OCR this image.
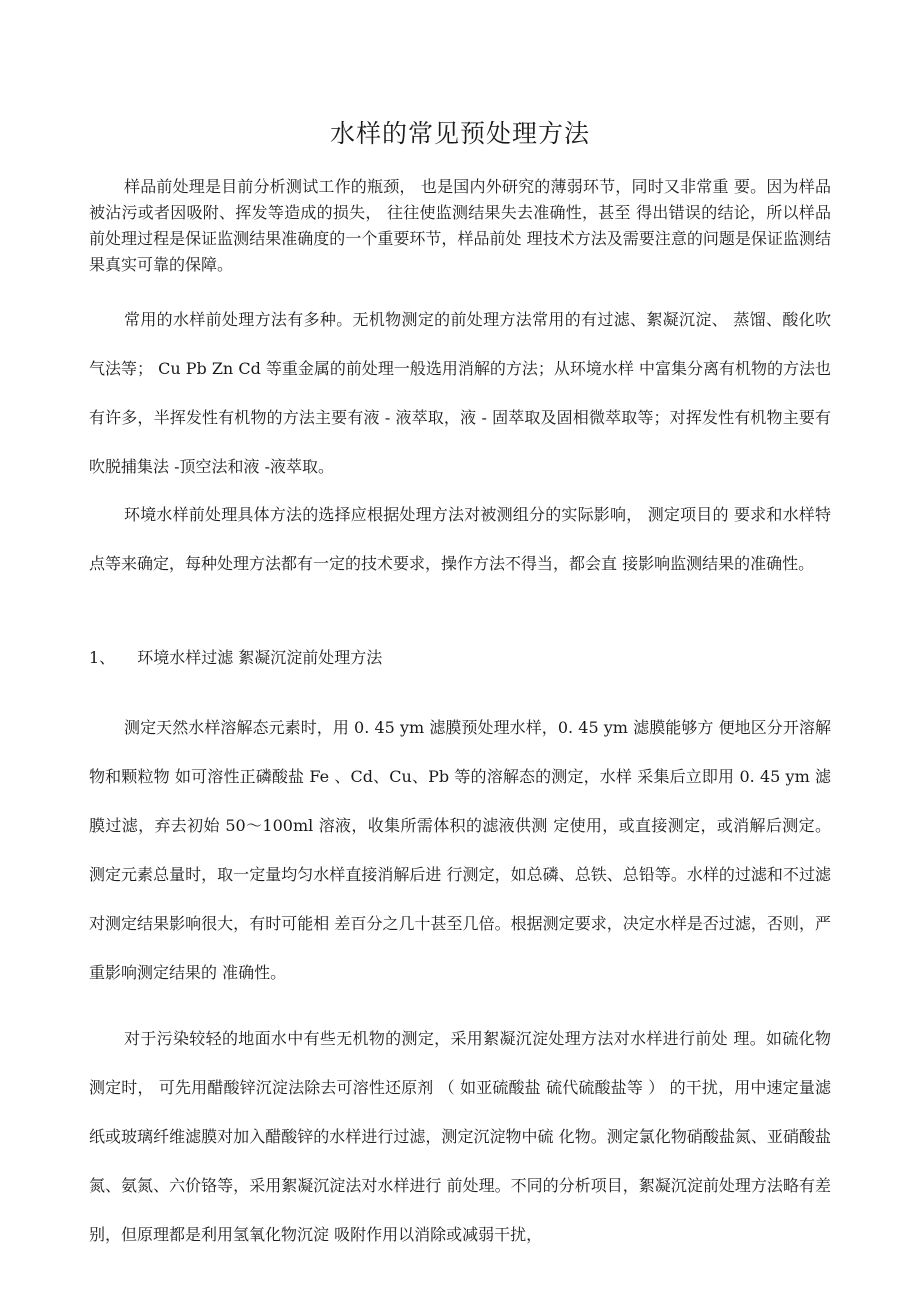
水样的常见预处理方法

样品前处理是目前分析测试工作的瓶颈， 也是国内外研究的薄弱环节，同时又非常重 要。因为样品被沾污或者因吸附、挥发等造成的损失， 往往使监测结果失去准确性，甚至 得出错误的结论，所以样品前处理过程是保证监测结果准确度的一个重要环节，样品前处 理技术方法及需要注意的问题是保证监测结果真实可靠的保障。

常用的水样前处理方法有多种。无机物测定的前处理方法常用的有过滤、絮凝沉淀、 蒸馏、酸化吹气法等； Cu Pb Zn Cd 等重金属的前处理一般选用消解的方法；从环境水样 中富集分离有机物的方法也有许多，半挥发性有机物的方法主要有液 - 液萃取，液 - 固萃取及固相微萃取等；对挥发性有机物主要有吹脱捕集法 -顶空法和液 -液萃取。

环境水样前处理具体方法的选择应根据处理方法对被测组分的实际影响， 测定项目的 要求和水样特点等来确定，每种处理方法都有一定的技术要求，操作方法不得当，都会直 接影响监测结果的准确性。

1、 环境水样过滤 絮凝沉淀前处理方法

测定天然水样溶解态元素时，用 0. 45 ym 滤膜预处理水样，0. 45 ym 滤膜能够方 便地区分开溶解物和颗粒物 如可溶性正磷酸盐 Fe 、Cd、Cu、Pb 等的溶解态的测定，水样 采集后立即用 0. 45 ym 滤膜过滤，弃去初始 50～100ml 溶液，收集所需体积的滤液供测 定使用，或直接测定，或消解后测定。测定元素总量时，取一定量均匀水样直接消解后进 行测定，如总磷、总铁、总铅等。水样的过滤和不过滤对测定结果影响很大，有时可能相 差百分之几十甚至几倍。根据测定要求，决定水样是否过滤，否则，严重影响测定结果的 准确性。

对于污染较轻的地面水中有些无机物的测定，采用絮凝沉淀处理方法对水样进行前处 理。如硫化物测定时， 可先用醋酸锌沉淀法除去可溶性还原剂 （ 如亚硫酸盐 硫代硫酸盐等 ） 的干扰，用中速定量滤纸或玻璃纤维滤膜对加入醋酸锌的水样进行过滤，测定沉淀物中硫 化物。测定氯化物硝酸盐氮、亚硝酸盐氮、氨氮、六价铬等，采用絮凝沉淀法对水样进行 前处理。不同的分析项目，絮凝沉淀前处理方法略有差别，但原理都是利用氢氧化物沉淀 吸附作用以消除或减弱干扰，
